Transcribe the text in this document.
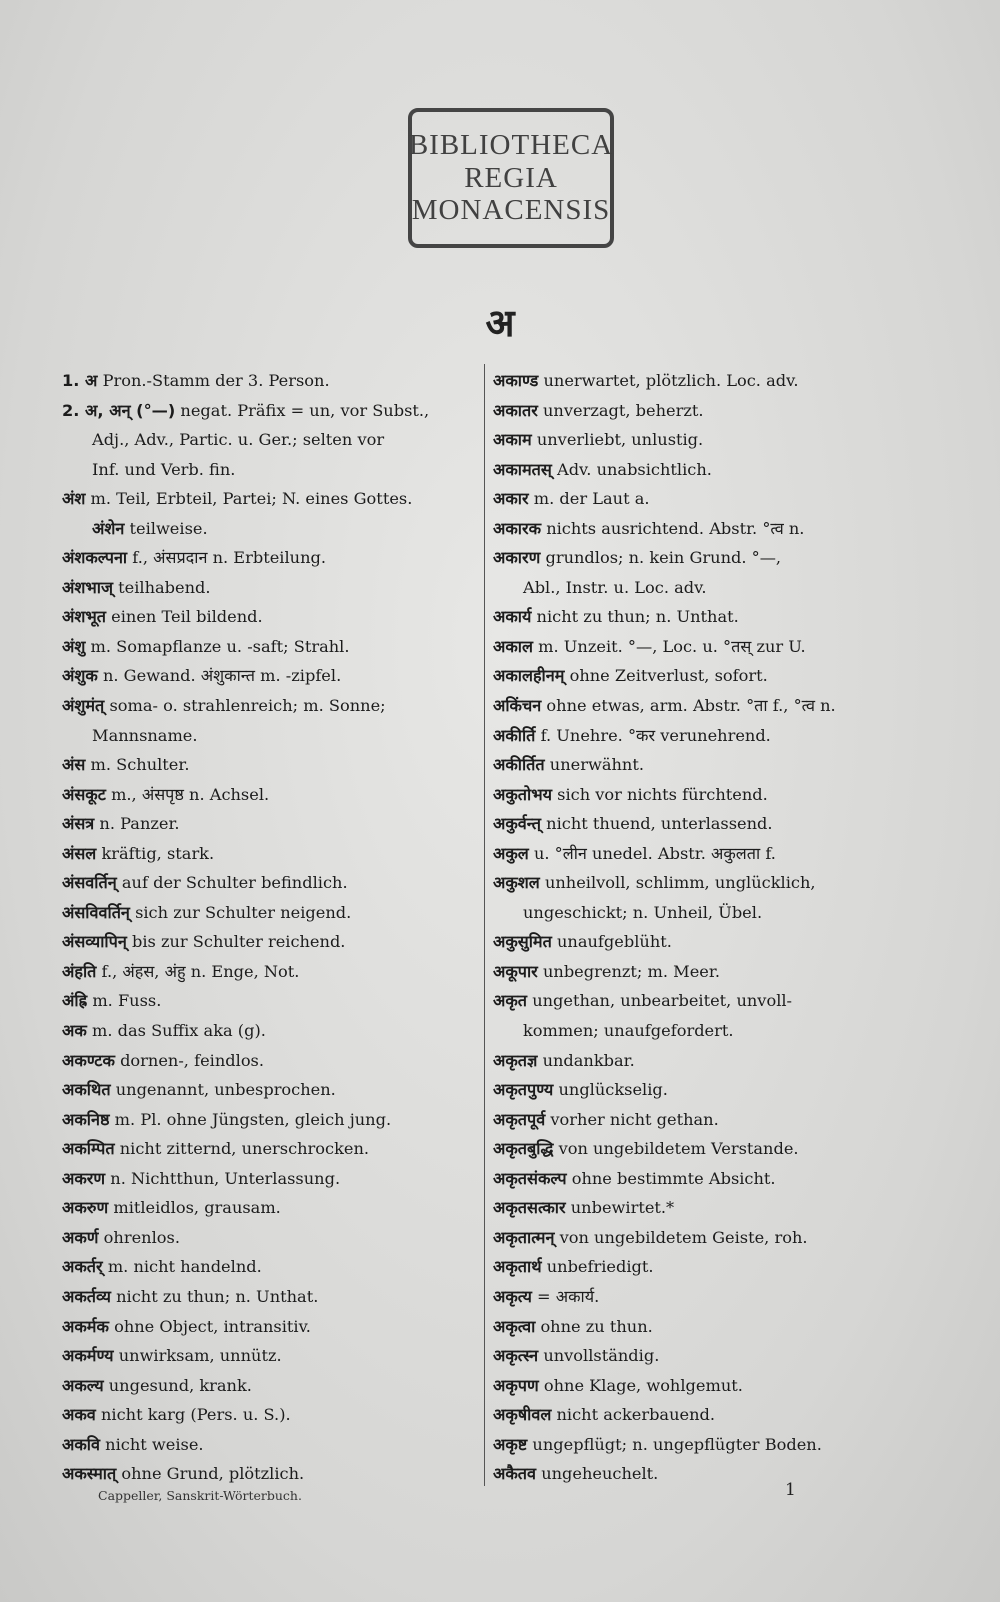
BIBLIOTHECA
REGIA
MONACENSIS
अ
1. अ Pron.-Stamm der 3. Person.
2. अ, अन् (°—) negat. Präfix = un, vor Subst.,
Adj., Adv., Partic. u. Ger.; selten vor
Inf. und Verb. fin.
अंश m. Teil, Erbteil, Partei; N. eines Gottes.
अंशेन teilweise.
अंशकल्पना f., अंसप्रदान n. Erbteilung.
अंशभाज् teilhabend.
अंशभूत einen Teil bildend.
अंशु m. Somapflanze u. -saft; Strahl.
अंशुक n. Gewand. अंशुकान्त m. -zipfel.
अंशुमंत् soma- o. strahlenreich; m. Sonne;
Mannsname.
अंस m. Schulter.
अंसकूट m., अंसपृष्ठ n. Achsel.
अंसत्र n. Panzer.
अंसल kräftig, stark.
अंसवर्तिन् auf der Schulter befindlich.
अंसविवर्तिन् sich zur Schulter neigend.
अंसव्यापिन् bis zur Schulter reichend.
अंहति f., अंहस, अंहु n. Enge, Not.
अंह्रि m. Fuss.
अक m. das Suffix aka (g).
अकण्टक dornen-, feindlos.
अकथित ungenannt, unbesprochen.
अकनिष्ठ m. Pl. ohne Jüngsten, gleich jung.
अकम्पित nicht zitternd, unerschrocken.
अकरण n. Nichtthun, Unterlassung.
अकरुण mitleidlos, grausam.
अकर्ण ohrenlos.
अकर्तर् m. nicht handelnd.
अकर्तव्य nicht zu thun; n. Unthat.
अकर्मक ohne Object, intransitiv.
अकर्मण्य unwirksam, unnütz.
अकल्य ungesund, krank.
अकव nicht karg (Pers. u. S.).
अकवि nicht weise.
अकस्मात् ohne Grund, plötzlich.
अकाण्ड unerwartet, plötzlich. Loc. adv.
अकातर unverzagt, beherzt.
अकाम unverliebt, unlustig.
अकामतस् Adv. unabsichtlich.
अकार m. der Laut a.
अकारक nichts ausrichtend. Abstr. °त्व n.
अकारण grundlos; n. kein Grund. °—,
Abl., Instr. u. Loc. adv.
अकार्य nicht zu thun; n. Unthat.
अकाल m. Unzeit. °—, Loc. u. °तस् zur U.
अकालहीनम् ohne Zeitverlust, sofort.
अकिंचन ohne etwas, arm. Abstr. °ता f., °त्व n.
अकीर्ति f. Unehre. °कर verunehrend.
अकीर्तित unerwähnt.
अकुतोभय sich vor nichts fürchtend.
अकुर्वन्त् nicht thuend, unterlassend.
अकुल u. °लीन unedel. Abstr. अकुलता f.
अकुशल unheilvoll, schlimm, unglücklich,
ungeschickt; n. Unheil, Übel.
अकुसुमित unaufgeblüht.
अकूपार unbegrenzt; m. Meer.
अकृत ungethan, unbearbeitet, unvoll-
kommen; unaufgefordert.
अकृतज्ञ undankbar.
अकृतपुण्य unglückselig.
अकृतपूर्व vorher nicht gethan.
अकृतबुद्धि von ungebildetem Verstande.
अकृतसंकल्प ohne bestimmte Absicht.
अकृतसत्कार unbewirtet.*
अकृतात्मन् von ungebildetem Geiste, roh.
अकृतार्थ unbefriedigt.
अकृत्य = अकार्य.
अकृत्वा ohne zu thun.
अकृत्स्न unvollständig.
अकृपण ohne Klage, wohlgemut.
अकृषीवल nicht ackerbauend.
अकृष्ट ungepflügt; n. ungepflügter Boden.
अकैतव ungeheuchelt.
Cappeller, Sanskrit-Wörterbuch.	1
